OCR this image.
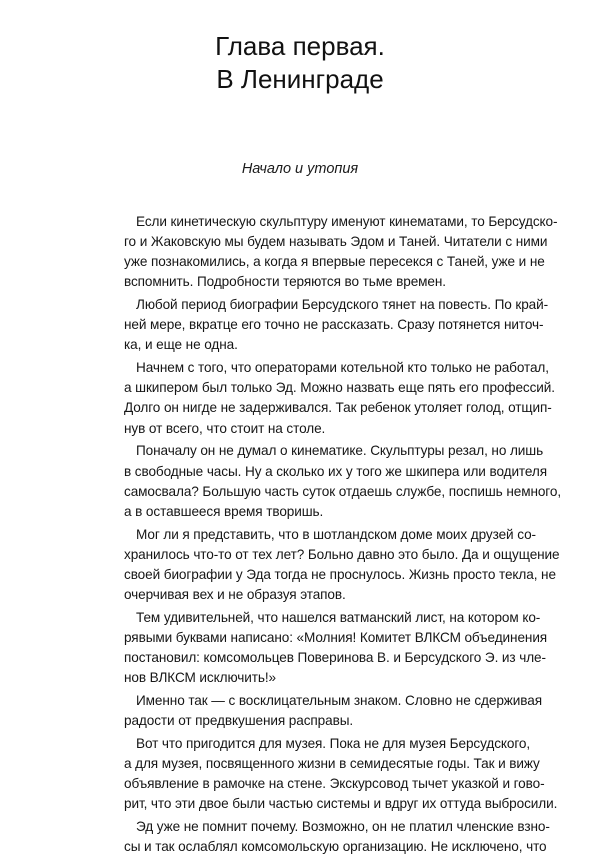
Глава первая.
В Ленинграде
Начало и утопия
Если кинетическую скульптуру именуют кинематами, то Берсудско-
го и Жаковскую мы будем называть Эдом и Таней. Читатели с ними
уже познакомились, а когда я впервые пересекся с Таней, уже и не
вспомнить. Подробности теряются во тьме времен.
Любой период биографии Берсудского тянет на повесть. По край-
ней мере, вкратце его точно не рассказать. Сразу потянется ниточ-
ка, и еще не одна.
Начнем с того, что операторами котельной кто только не работал,
а шкипером был только Эд. Можно назвать еще пять его профессий.
Долго он нигде не задерживался. Так ребенок утоляет голод, отщип-
нув от всего, что стоит на столе.
Поначалу он не думал о кинематике. Скульптуры резал, но лишь
в свободные часы. Ну а сколько их у того же шкипера или водителя
самосвала? Большую часть суток отдаешь службе, поспишь немного,
а в оставшееся время творишь.
Мог ли я представить, что в шотландском доме моих друзей со-
хранилось что-то от тех лет? Больно давно это было. Да и ощущение
своей биографии у Эда тогда не проснулось. Жизнь просто текла, не
очерчивая вех и не образуя этапов.
Тем удивительней, что нашелся ватманский лист, на котором ко-
рявыми буквами написано: «Молния! Комитет ВЛКСМ объединения
постановил: комсомольцев Поверинова В. и Берсудского Э. из чле-
нов ВЛКСМ исключить!»
Именно так — с восклицательным знаком. Словно не сдерживая
радости от предвкушения расправы.
Вот что пригодится для музея. Пока не для музея Берсудского,
а для музея, посвященного жизни в семидесятые годы. Так и вижу
объявление в рамочке на стене. Экскурсовод тычет указкой и гово-
рит, что эти двое были частью системы и вдруг их оттуда выбросили.
Эд уже не помнит почему. Возможно, он не платил членские взно-
сы и так ослаблял комсомольскую организацию. Не исключено, что
